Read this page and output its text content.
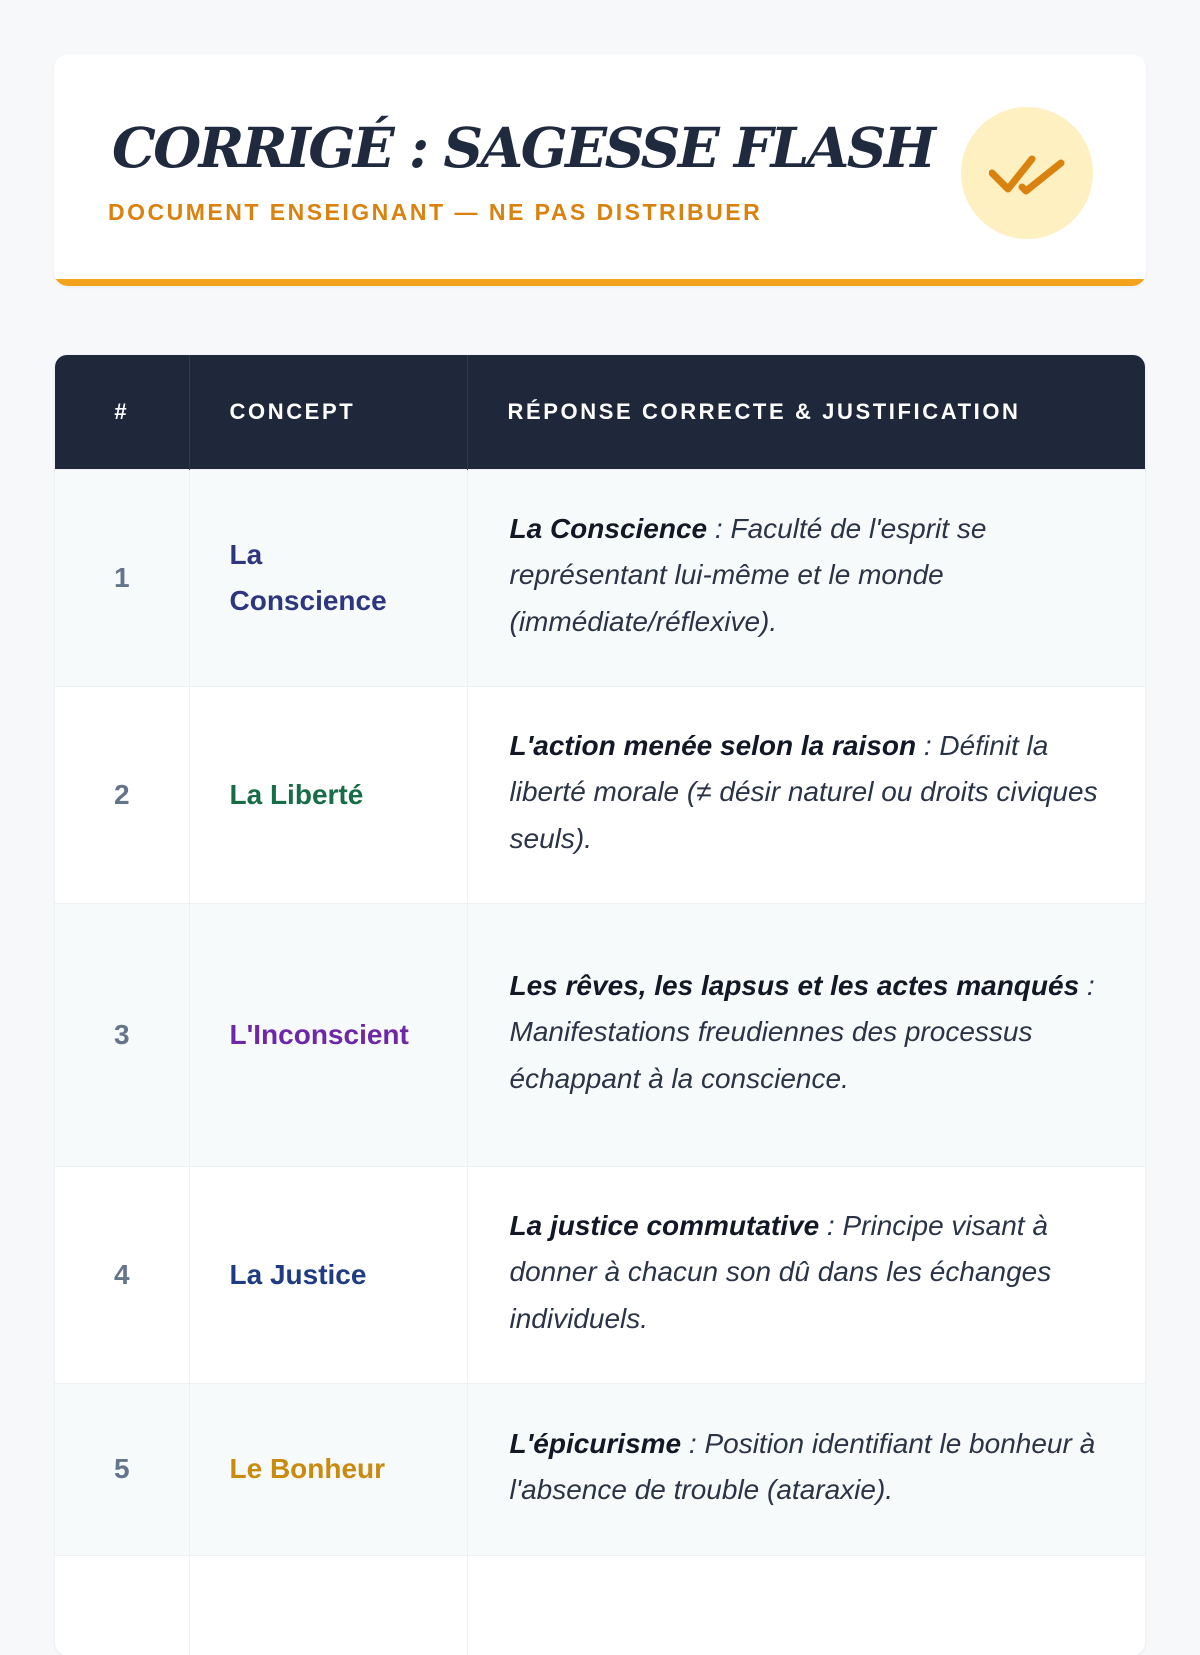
CORRIGÉ : SAGESSE FLASH
DOCUMENT ENSEIGNANT — NE PAS DISTRIBUER
#	CONCEPT	RÉPONSE CORRECTE & JUSTIFICATION
1	La Conscience	La Conscience : Faculté de l'esprit se représentant lui-même et le monde (immédiate/réflexive).
2	La Liberté	L'action menée selon la raison : Définit la liberté morale (≠ désir naturel ou droits civiques seuls).
3	L'Inconscient	Les rêves, les lapsus et les actes manqués : Manifestations freudiennes des processus échappant à la conscience.
4	La Justice	La justice commutative : Principe visant à donner à chacun son dû dans les échanges individuels.
5	Le Bonheur	L'épicurisme : Position identifiant le bonheur à l'absence de trouble (ataraxie).
